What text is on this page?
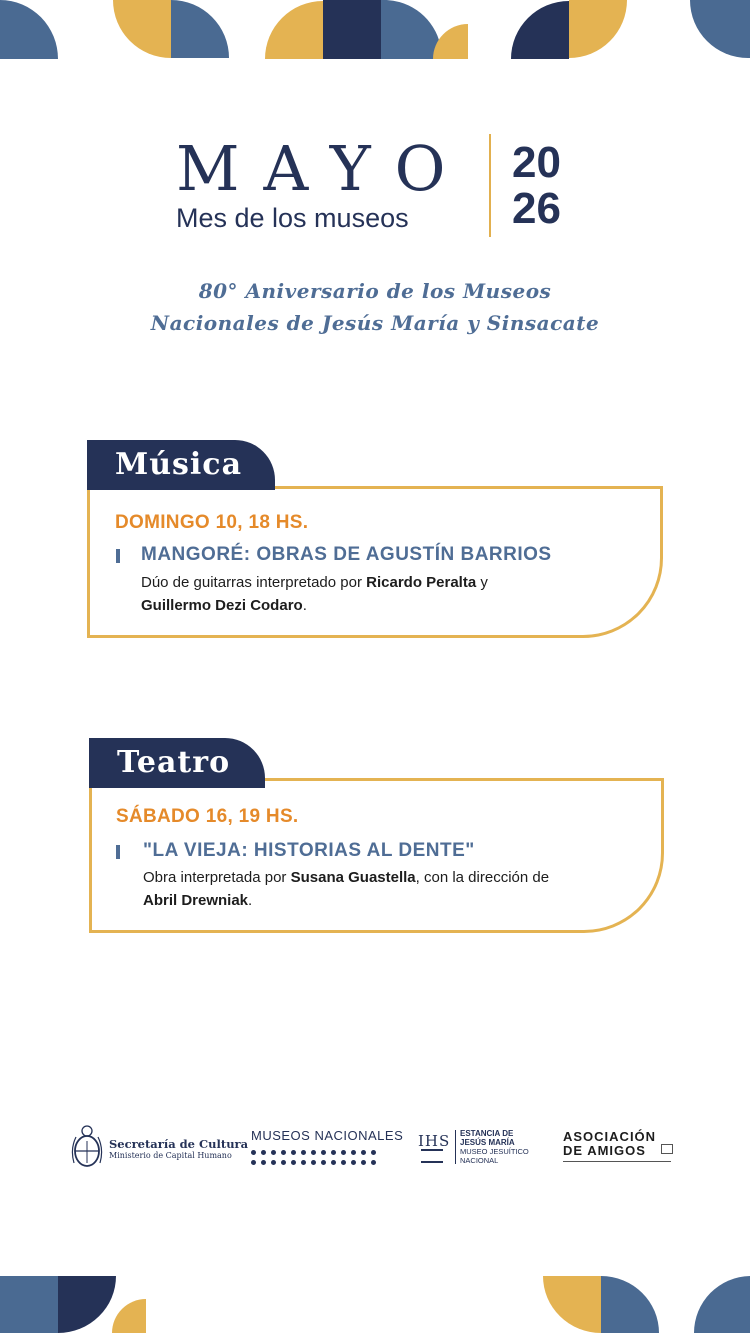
MAYO
Mes de los museos
20
26
80° Aniversario de los Museos
Nacionales de Jesús María y Sinsacate
Música
DOMINGO 10, 18 HS.
MANGORÉ: OBRAS DE AGUSTÍN BARRIOS
Dúo de guitarras interpretado por Ricardo Peralta y
Guillermo Dezi Codaro.
Teatro
SÁBADO 16, 19 HS.
"LA VIEJA: HISTORIAS AL DENTE"
Obra interpretada por Susana Guastella, con la dirección de
Abril Drewniak.
Secretaría de Cultura
Ministerio de Capital Humano
MUSEOS NACIONALES IHS ESTANCIA DE
JESÚS MARÍA
MUSEO JESUÍTICO
NACIONAL
ASOCIACIÓN
DE AMIGOS
